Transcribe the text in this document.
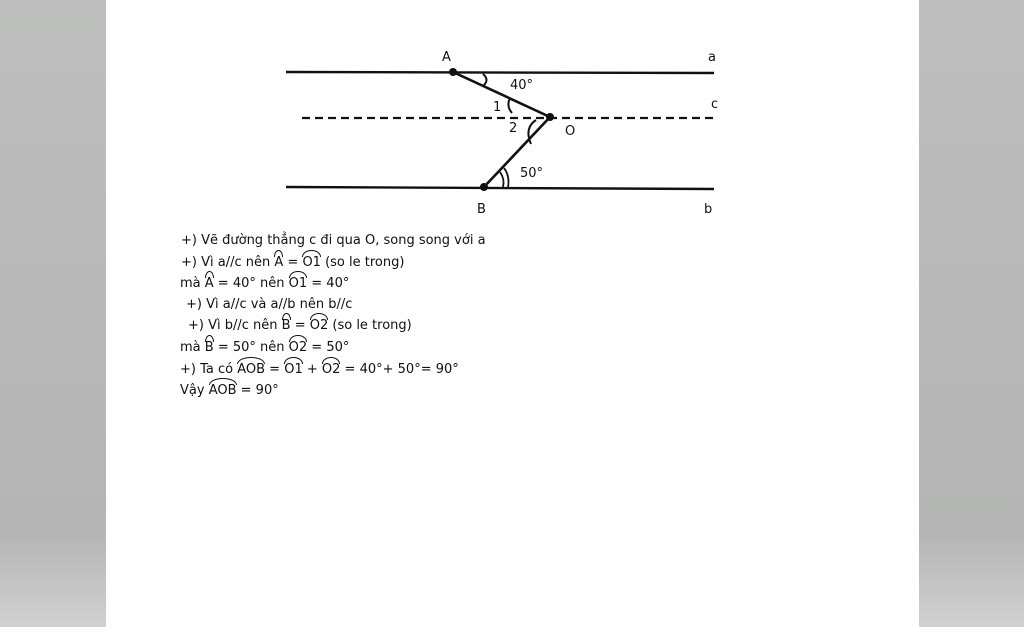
A
O
B
a
c
b
40°
50°
1
2
+) Vẽ đường thẳng c đi qua O, song song với a
+) Vì a//c nên A = O1 (so le trong)
mà A = 40° nên O1 = 40°
+) Vì a//c và a//b nên b//c
+) Vì b//c nên B = O2 (so le trong)
mà B = 50° nên O2 = 50°
+) Ta có AOB = O1 + O2 = 40°+ 50°= 90°
Vậy AOB = 90°
